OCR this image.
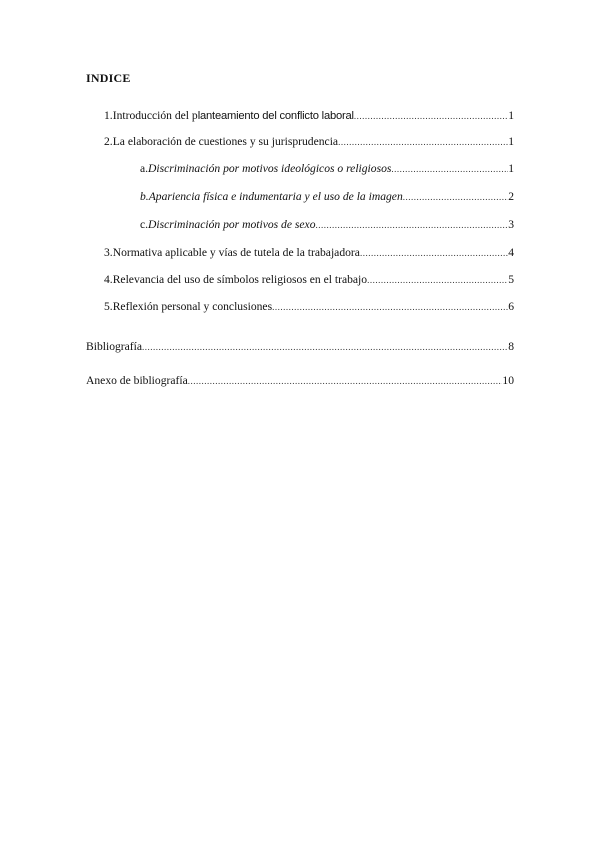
INDICE
1. Introducción del planteamiento del conflicto laboral .....	1
2. La elaboración de cuestiones y su jurisprudencia .....	1
a. Discriminación por motivos ideológicos o religiosos .....	1
b. Apariencia física e indumentaria y el uso de la imagen .....	2
c. Discriminación por motivos de sexo .....	3
3. Normativa aplicable y vías de tutela de la trabajadora .....	4
4. Relevancia del uso de símbolos religiosos en el trabajo .....	5
5. Reflexión personal y conclusiones .....	6
Bibliografía .....	8
Anexo de bibliografía .....	10
